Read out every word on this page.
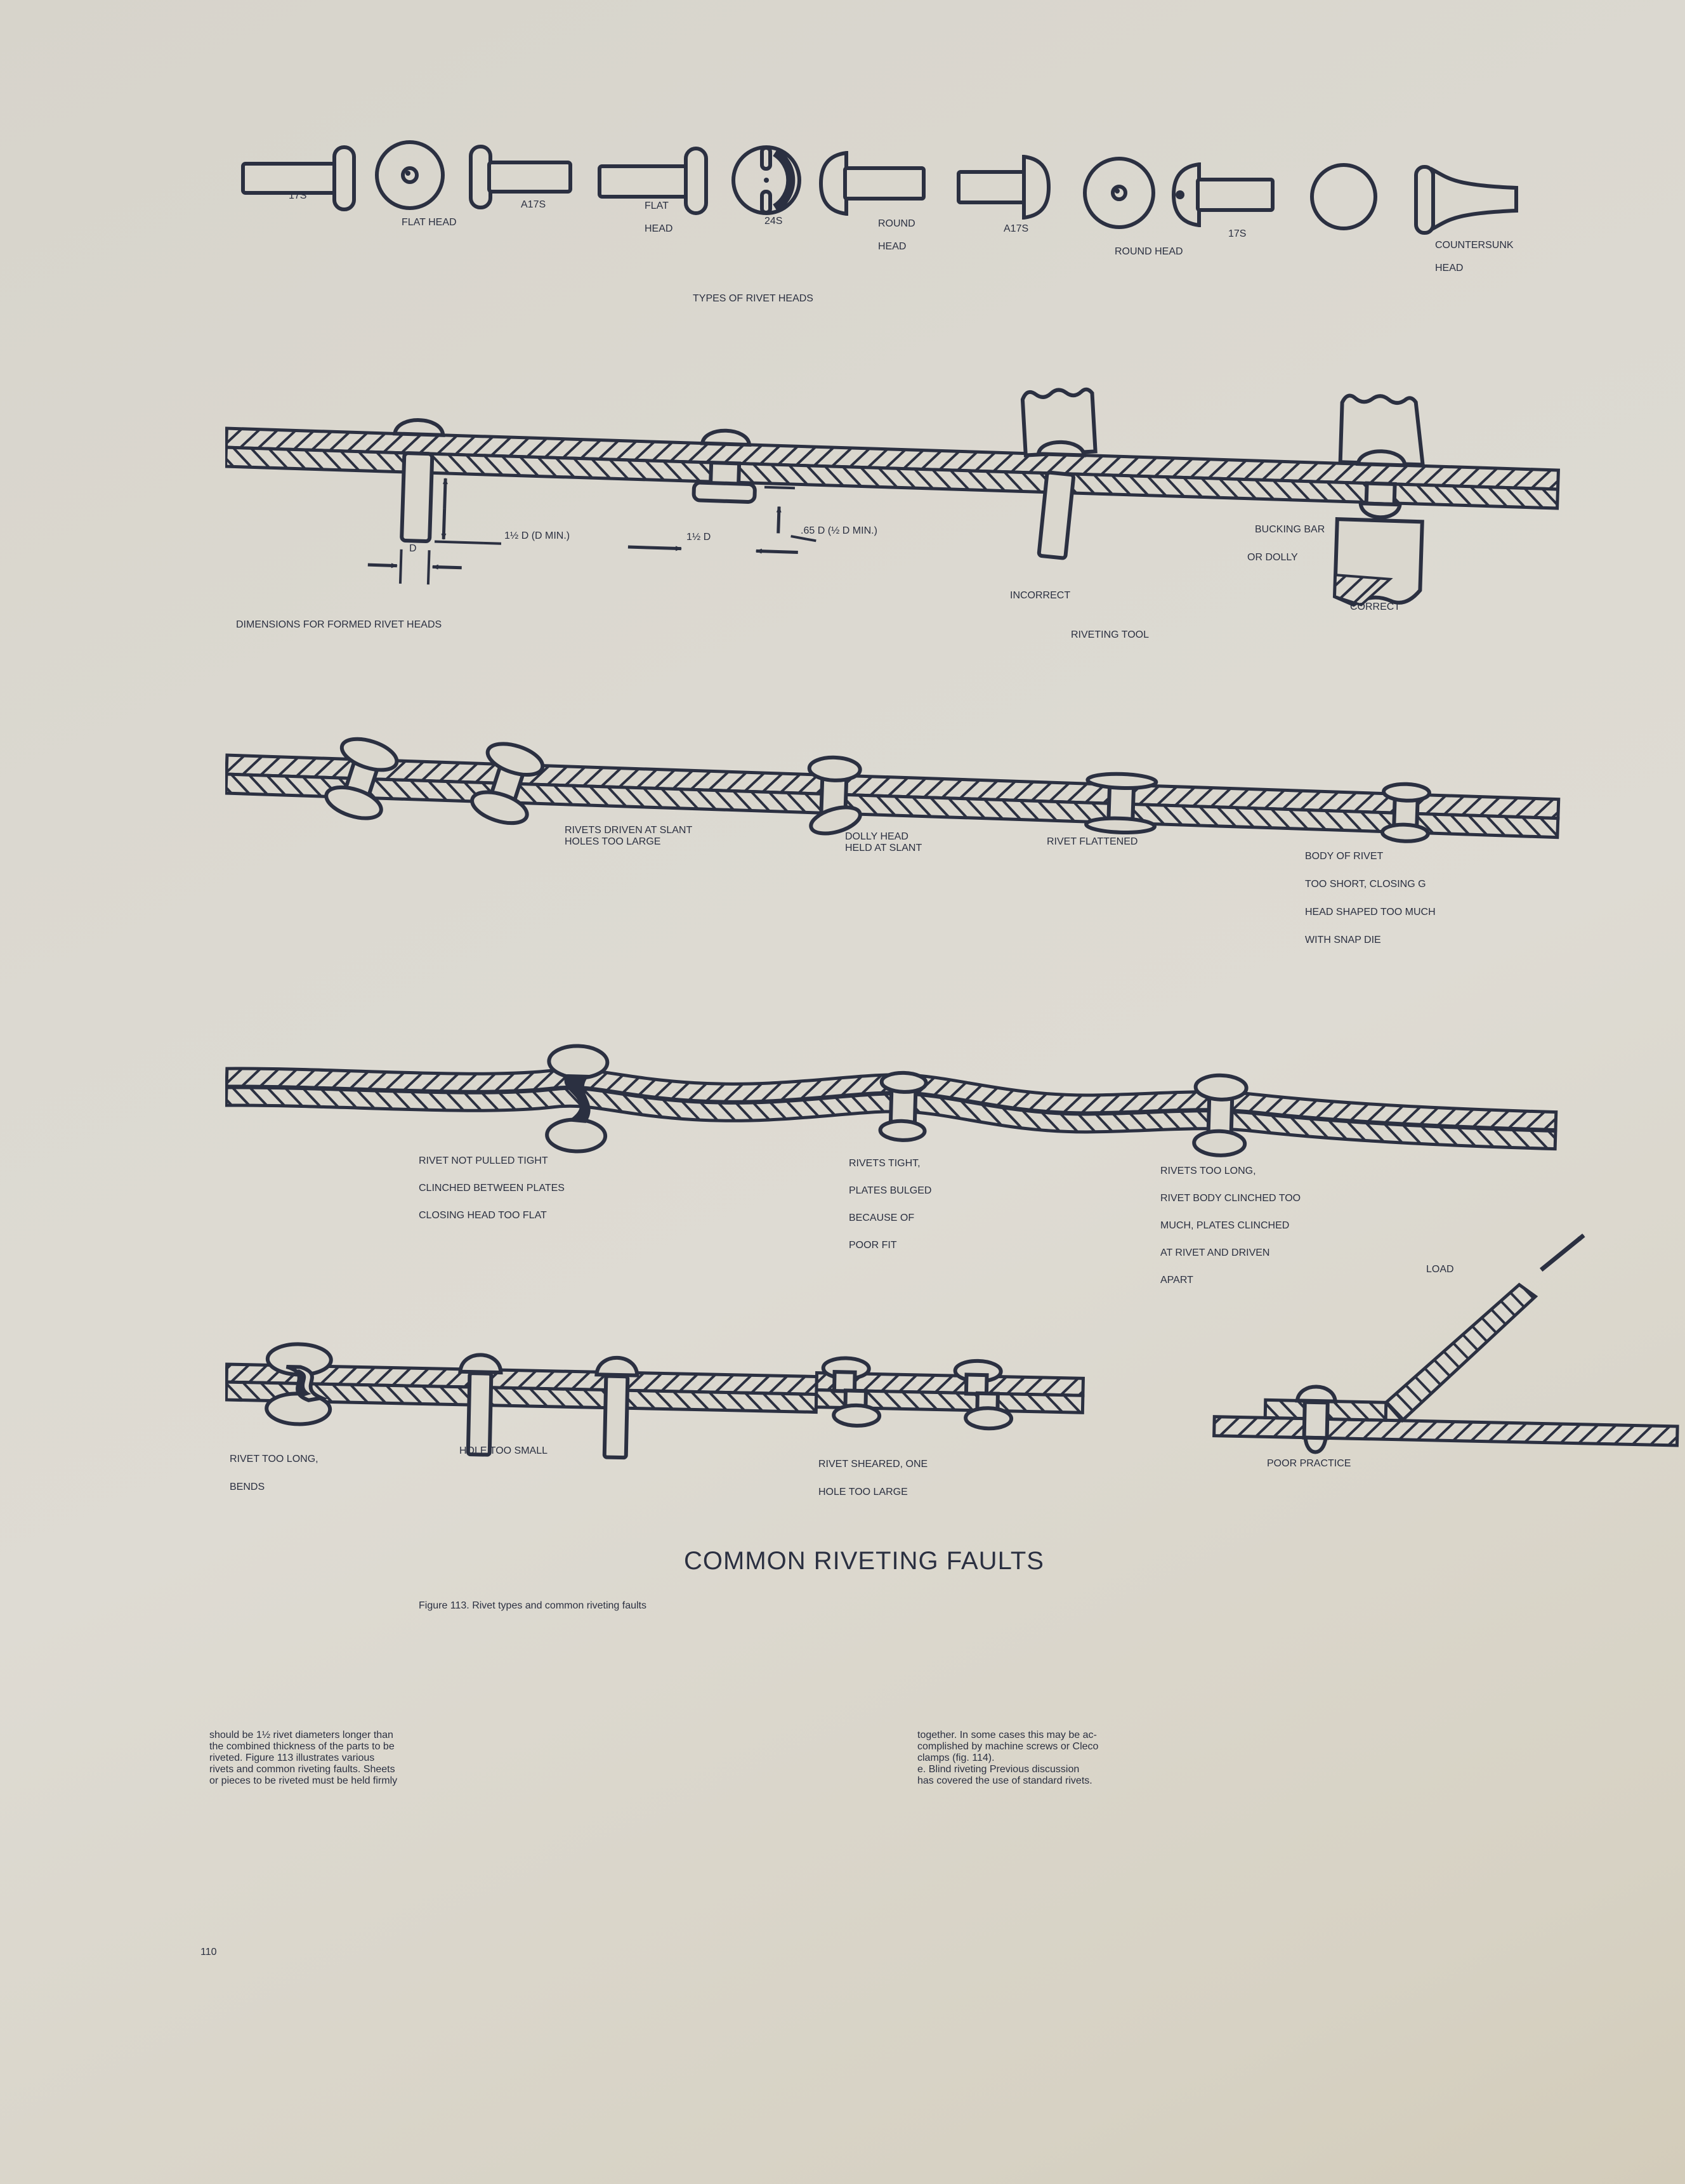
17S
FLAT HEAD
A17S	FLAT
HEAD
24S	ROUND
HEAD
A17S
ROUND HEAD
17S
COUNTERSUNK
HEAD
TYPES OF RIVET HEADS
1½ D (D MIN.)
D
1½ D
.65 D (½ D MIN.)	BUCKING BAR
OR DOLLY
INCORRECT
CORRECT
DIMENSIONS FOR FORMED RIVET HEADS
RIVETING TOOL
RIVETS DRIVEN AT SLANT
HOLES TOO LARGE	DOLLY HEAD
HELD AT SLANT
RIVET FLATTENED
BODY OF RIVET
TOO SHORT, CLOSING G
HEAD SHAPED TOO MUCH
WITH SNAP DIE
RIVET NOT PULLED TIGHT
CLINCHED BETWEEN PLATES
CLOSING HEAD TOO FLAT
RIVETS TIGHT,
PLATES BULGED
BECAUSE OF
POOR FIT
RIVETS TOO LONG,
RIVET BODY CLINCHED TOO
MUCH, PLATES CLINCHED
AT RIVET AND DRIVEN
APART
LOAD
RIVET TOO LONG,
BENDS
HOLE TOO SMALL
RIVET SHEARED, ONE
HOLE TOO LARGE
POOR PRACTICE
COMMON RIVETING FAULTS
Figure 113. Rivet types and common riveting faults
should be 1½ rivet diameters longer than
the combined thickness of the parts to be
riveted. Figure 113 illustrates various
rivets and common riveting faults. Sheets
or pieces to be riveted must be held firmly
together. In some cases this may be ac-
complished by machine screws or Cleco
clamps (fig. 114).
e. Blind riveting Previous discussion
has covered the use of standard rivets.
110
